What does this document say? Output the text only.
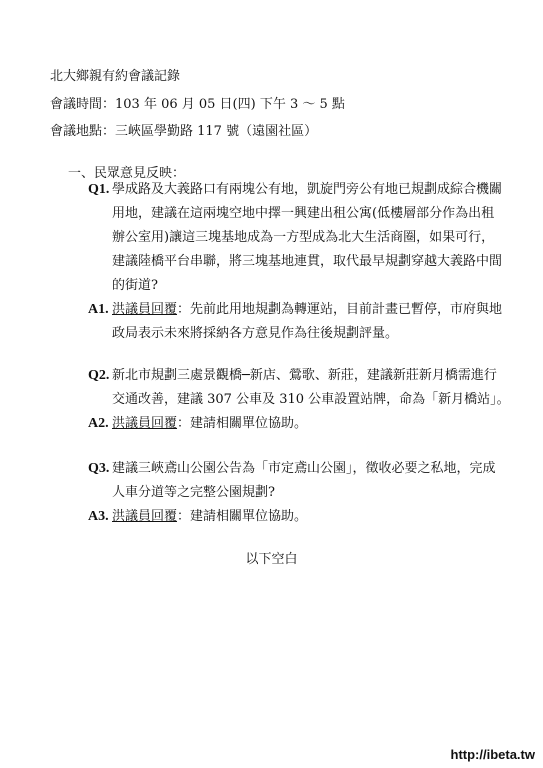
北大鄉親有約會議記錄
會議時間：103 年 06 月 05 日(四) 下午 3 ～ 5 點
會議地點：三峽區學勤路 117 號（遠園社區）
一、民眾意見反映：
Q1. 學成路及大義路口有兩塊公有地，凱旋門旁公有地已規劃成綜合機關
用地，建議在這兩塊空地中擇一興建出租公寓(低樓層部分作為出租
辦公室用)讓這三塊基地成為一方型成為北大生活商圈，如果可行，
建議陸橋平台串聯，將三塊基地連貫，取代最早規劃穿越大義路中間
的街道?
A1. 洪議員回覆：先前此用地規劃為轉運站，目前計畫已暫停，市府與地
政局表示未來將採納各方意見作為往後規劃評量。
Q2. 新北市規劃三處景觀橋─新店、鶯歌、新莊，建議新莊新月橋需進行
交通改善，建議 307 公車及 310 公車設置站牌，命為「新月橋站」。
A2. 洪議員回覆：建請相關單位協助。
Q3. 建議三峽鳶山公園公告為「市定鳶山公園」，徵收必要之私地，完成
人車分道等之完整公園規劃?
A3. 洪議員回覆：建請相關單位協助。
以下空白
http://ibeta.tw
